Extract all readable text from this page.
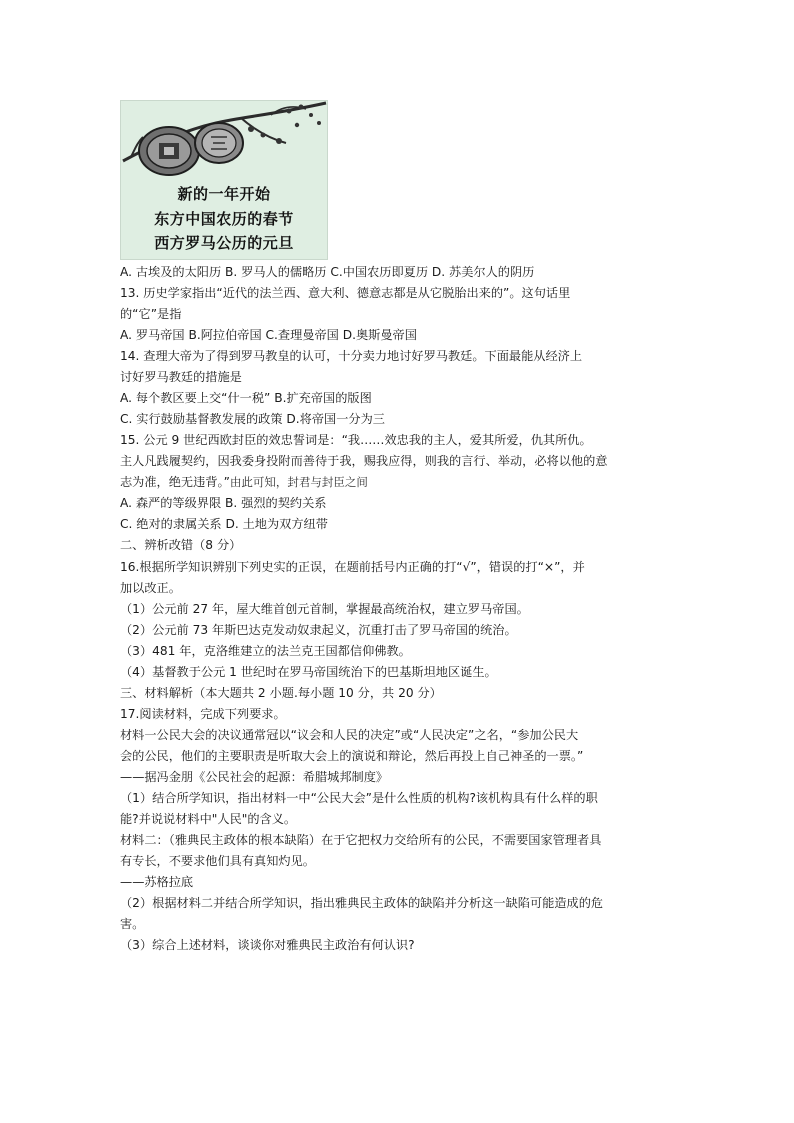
新的一年开始
东方中国农历的春节
西方罗马公历的元旦
A. 古埃及的太阳历 B. 罗马人的儒略历 C.中国农历即夏历 D. 苏美尔人的阴历
13. 历史学家指出“近代的法兰西、意大利、德意志都是从它脱胎出来的”。这句话里
的“它”是指
A. 罗马帝国 B.阿拉伯帝国 C.查理曼帝国 D.奥斯曼帝国
14. 查理大帝为了得到罗马教皇的认可，十分卖力地讨好罗马教廷。下面最能从经济上
讨好罗马教廷的措施是
A. 每个教区要上交“什一税” B.扩充帝国的版图
C. 实行鼓励基督教发展的政策 D.将帝国一分为三
15. 公元 9 世纪西欧封臣的效忠誓词是：“我……效忠我的主人，爱其所爱，仇其所仇。
主人凡践履契约，因我委身投附而善待于我，赐我应得，则我的言行、举动，必将以他的意
志为准，绝无违背。”由此可知，封君与封臣之间
A. 森严的等级界限 B. 强烈的契约关系
C. 绝对的隶属关系 D. 土地为双方纽带
二、辨析改错（8 分）
16.根据所学知识辨别下列史实的正误，在题前括号内正确的打“√”，错误的打“×”，并
加以改正。
（1）公元前 27 年，屋大维首创元首制，掌握最高统治权，建立罗马帝国。
（2）公元前 73 年斯巴达克发动奴隶起义，沉重打击了罗马帝国的统治。
（3）481 年，克洛维建立的法兰克王国都信仰佛教。
（4）基督教于公元 1 世纪时在罗马帝国统治下的巴基斯坦地区诞生。
三、材料解析（本大题共 2 小题.每小题 10 分，共 20 分）
17.阅读材料，完成下列要求。
材料一公民大会的决议通常冠以“议会和人民的决定”或“人民决定”之名，“参加公民大
会的公民，他们的主要职责是听取大会上的演说和辩论，然后再投上自己神圣的一票。”
——据冯金朋《公民社会的起源：希腊城邦制度》
（1）结合所学知识，指出材料一中“公民大会”是什么性质的机构?该机构具有什么样的职
能?并说说材料中"人民"的含义。
材料二：（雅典民主政体的根本缺陷）在于它把权力交给所有的公民，不需要国家管理者具
有专长，不要求他们具有真知灼见。
——苏格拉底
（2）根据材料二并结合所学知识，指出雅典民主政体的缺陷并分析这一缺陷可能造成的危
害。
（3）综合上述材料，谈谈你对雅典民主政治有何认识?
